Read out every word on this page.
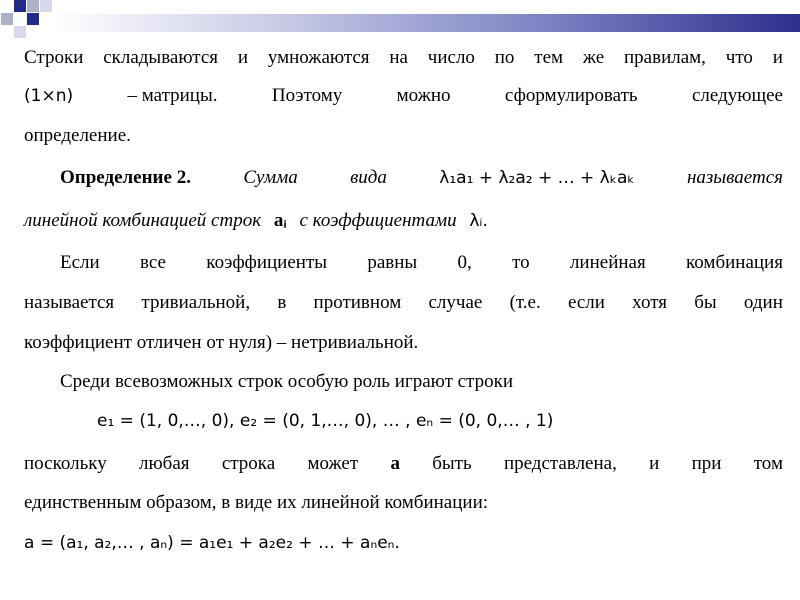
Строки складываются и умножаются на число по тем же правилам, что и
(1×n)	– матрицы.	Поэтому	можно	сформулировать	следующее
определение.
Определение 2.	Сумма	вида	λ₁a₁ + λ₂a₂ + … + λₖaₖ	называется
линейной комбинацией строк aᵢ с коэффициентами λᵢ.
Если все коэффициенты равны 0, то линейная комбинация
называется тривиальной, в противном случае (т.е. если хотя бы один
коэффициент отличен от нуля) – нетривиальной.
Среди всевозможных строк особую роль играют строки
e₁ = (1, 0,…, 0), e₂ = (0, 1,…, 0), … , eₙ = (0, 0,… , 1)
поскольку любая строка может a быть представлена, и при том
единственным образом, в виде их линейной комбинации:
a = (a₁, a₂,… , aₙ) = a₁e₁ + a₂e₂ + … + aₙeₙ.
